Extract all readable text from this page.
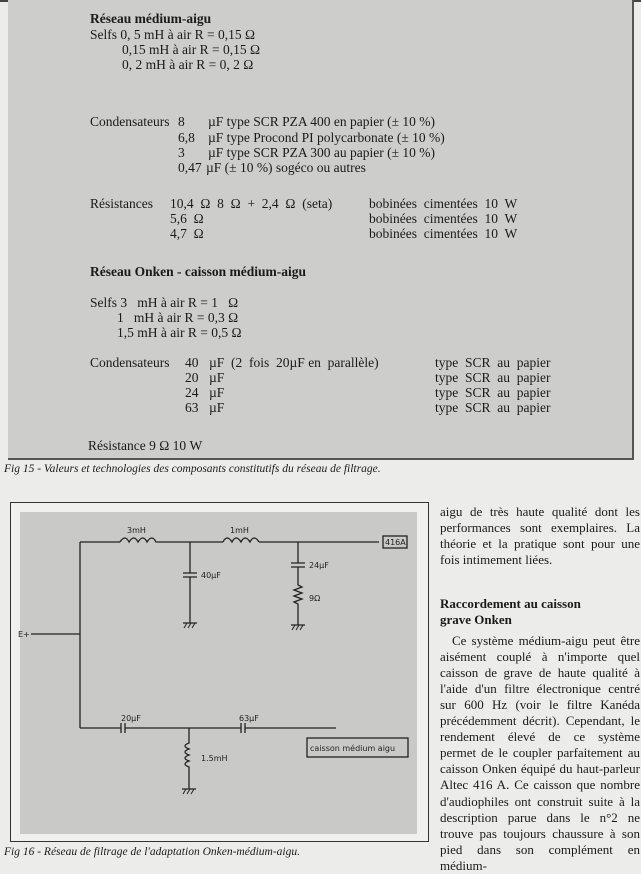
Réseau médium-aigu
Selfs 0, 5 mH à air R = 0,15 Ω
0,15 mH à air R = 0,15 Ω
0, 2 mH à air R = 0, 2 Ω
Condensateurs 8 µF type SCR PZA 400 en papier (± 10 %)
6,8 µF type Procond PI polycarbonate (± 10 %)
3 µF type SCR PZA 300 au papier (± 10 %)
0,47 µF (± 10 %) sogéco ou autres
Résistances 10,4  Ω  8  Ω  +  2,4  Ω  (seta)	bobinées  cimentées  10  W
5,6  Ω	bobinées  cimentées  10  W
4,7  Ω	bobinées  cimentées  10  W
Réseau Onken - caisson médium-aigu
Selfs 3   mH à air R = 1   Ω
1   mH à air R = 0,3 Ω
1,5 mH à air R = 0,5 Ω
Condensateurs 40 µF  (2  fois  20µF en  parallèle)	type  SCR  au  papier
20 µF	type  SCR  au  papier
24 µF	type  SCR  au  papier
63 µF	type  SCR  au  papier
Résistance 9 Ω 10 W
Fig 15 - Valeurs et technologies des composants constitutifs du réseau de filtrage.
3mH	1mH
40µF
24µF
9Ω
416A
E+
20µF	63µF
1.5mH
caisson médium aigu
Fig 16 - Réseau de filtrage de l'adaptation Onken-médium-aigu.

aigu de très haute qualité dont les performances sont exemplaires. La théorie et la pratique sont pour une fois intimement liées.

Raccordement au caisson grave Onken

Ce système médium-aigu peut être aisément couplé à n'importe quel caisson de grave de haute qualité à l'aide d'un filtre électronique centré sur 600 Hz (voir le filtre Kanéda précédemment décrit). Cependant, le rendement élevé de ce système permet de le coupler parfaitement au caisson Onken équipé du haut-parleur Altec 416 A. Ce caisson que nombre d'audiophiles ont construit suite à la description parue dans le n°2 ne trouve pas toujours chaussure à son pied dans son complément en médium-
